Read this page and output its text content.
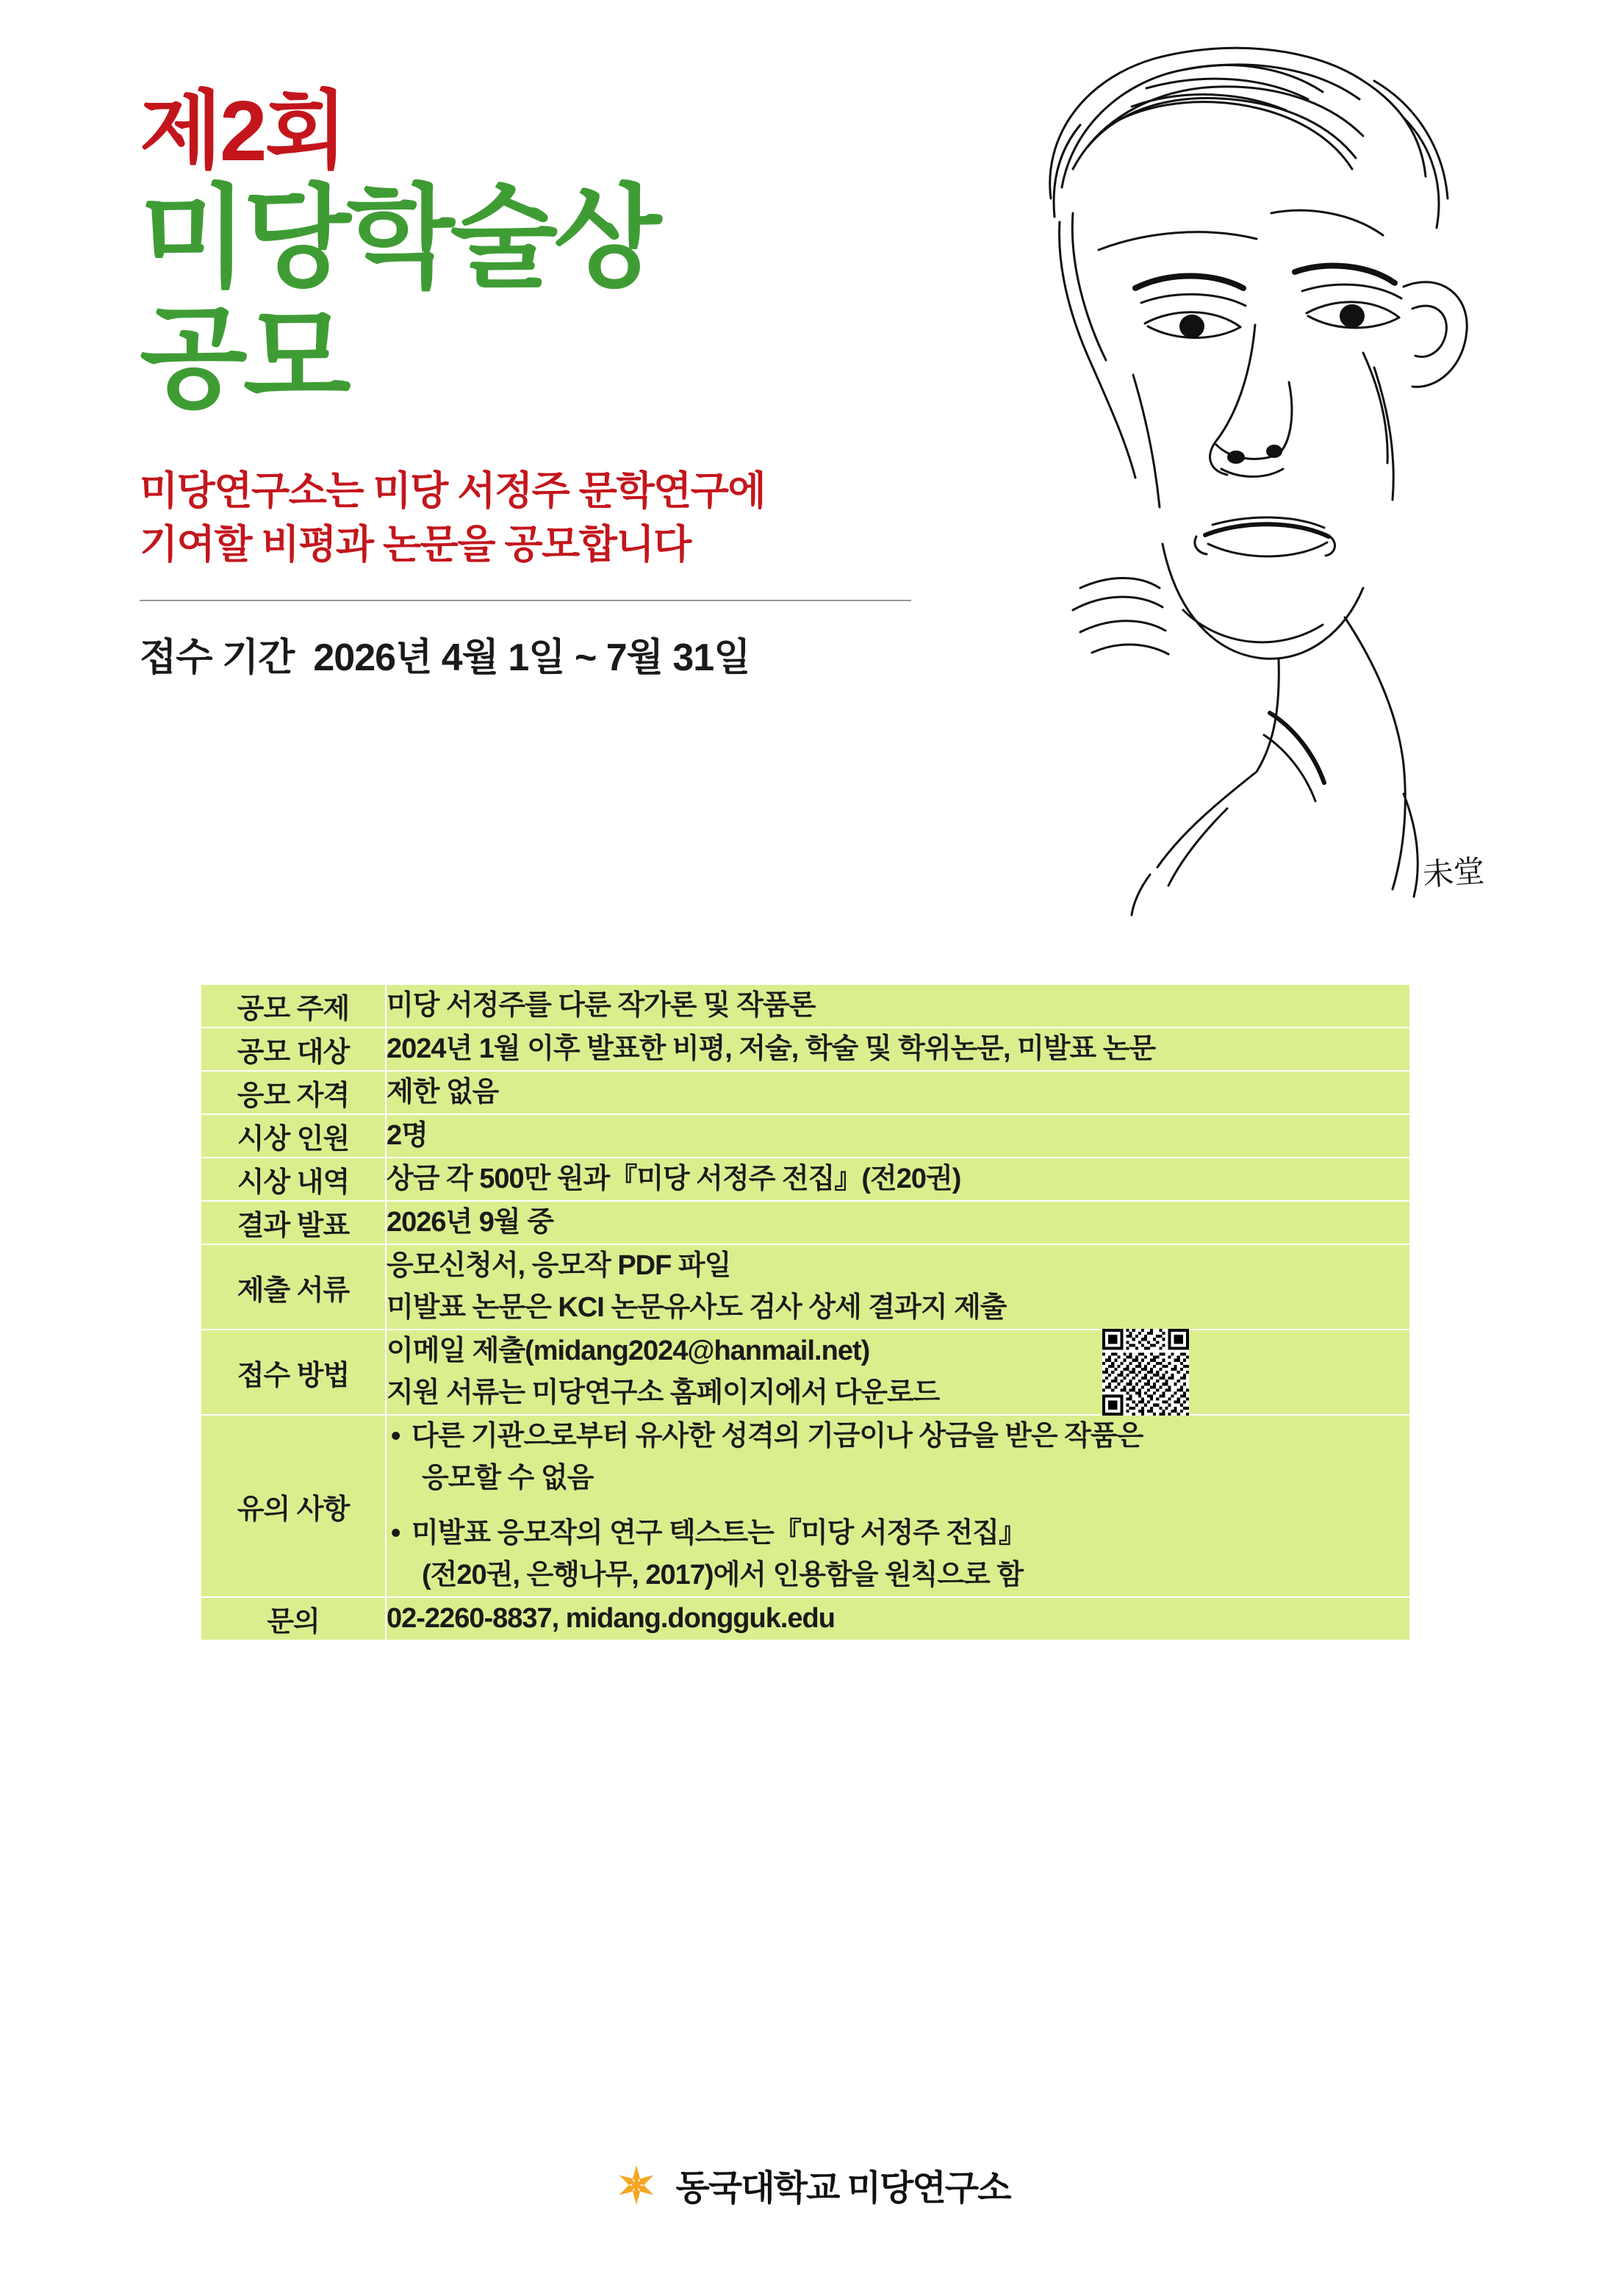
未堂
제2회
미당학술상
공모
미당연구소는 미당 서정주 문학연구에
기여할 비평과 논문을 공모합니다
접수 기간 2026년 4월 1일 ~ 7월 31일
공모 주제	미당 서정주를 다룬 작가론 및 작품론

공모 대상	2024년 1월 이후 발표한 비평, 저술, 학술 및 학위논문, 미발표 논문

응모 자격	제한 없음

시상 인원	2명

시상 내역	상금 각 500만 원과『미당 서정주 전집』(전20권)

결과 발표	2026년 9월 중

제출 서류	응모신청서, 응모작 PDF 파일
미발표 논문은 KCI 논문유사도 검사 상세 결과지 제출

접수 방법	이메일 제출(midang2024@hanmail.net)
지원 서류는 미당연구소 홈페이지에서 다운로드

유의 사항	
• 다른 기관으로부터 유사한 성격의 기금이나 상금을 받은 작품은
응모할 수 없음
• 미발표 응모작의 연구 텍스트는『미당 서정주 전집』
(전20권, 은행나무, 2017)에서 인용함을 원칙으로 함

문의	02-2260-8837, midang.dongguk.edu
동국대학교 미당연구소
